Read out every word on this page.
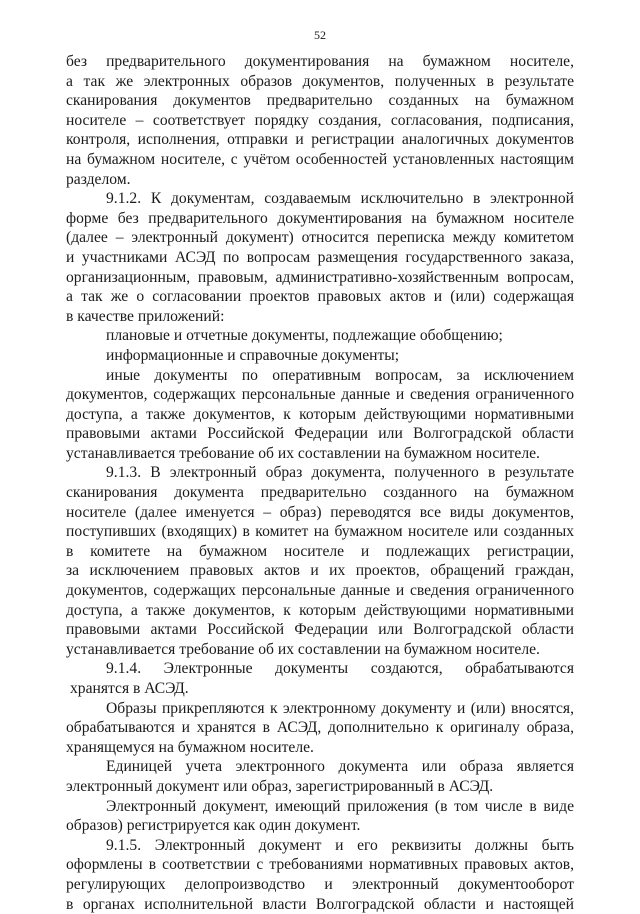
52
без предварительного документирования на бумажном носителе,
а так же электронных образов документов, полученных в результате
сканирования документов предварительно созданных на бумажном
носителе – соответствует порядку создания, согласования, подписания,
контроля, исполнения, отправки и регистрации аналогичных документов
на бумажном носителе, с учётом особенностей установленных настоящим
разделом.
9.1.2. К документам, создаваемым исключительно в электронной
форме без предварительного документирования на бумажном носителе
(далее – электронный документ) относится переписка между комитетом
и участниками АСЭД по вопросам размещения государственного заказа,
организационным, правовым, административно-хозяйственным вопросам,
а так же о согласовании проектов правовых актов и (или) содержащая
в качестве приложений:
плановые и отчетные документы, подлежащие обобщению;
информационные и справочные документы;
иные документы по оперативным вопросам, за исключением
документов, содержащих персональные данные и сведения ограниченного
доступа, а также документов, к которым действующими нормативными
правовыми актами Российской Федерации или Волгоградской области
устанавливается требование об их составлении на бумажном носителе.
9.1.3. В электронный образ документа, полученного в результате
сканирования документа предварительно созданного на бумажном
носителе (далее именуется – образ) переводятся все виды документов,
поступивших (входящих) в комитет на бумажном носителе или созданных
в комитете на бумажном носителе и подлежащих регистрации,
за исключением правовых актов и их проектов, обращений граждан,
документов, содержащих персональные данные и сведения ограниченного
доступа, а также документов, к которым действующими нормативными
правовыми актами Российской Федерации или Волгоградской области
устанавливается требование об их составлении на бумажном носителе.
9.1.4. Электронные документы создаются, обрабатываются
хранятся в АСЭД.
Образы прикрепляются к электронному документу и (или) вносятся,
обрабатываются и хранятся в АСЭД, дополнительно к оригиналу образа,
хранящемуся на бумажном носителе.
Единицей учета электронного документа или образа является
электронный документ или образ, зарегистрированный в АСЭД.
Электронный документ, имеющий приложения (в том числе в виде
образов) регистрируется как один документ.
9.1.5. Электронный документ и его реквизиты должны быть
оформлены в соответствии с требованиями нормативных правовых актов,
регулирующих делопроизводство и электронный документооборот
в органах исполнительной власти Волгоградской области и настоящей
